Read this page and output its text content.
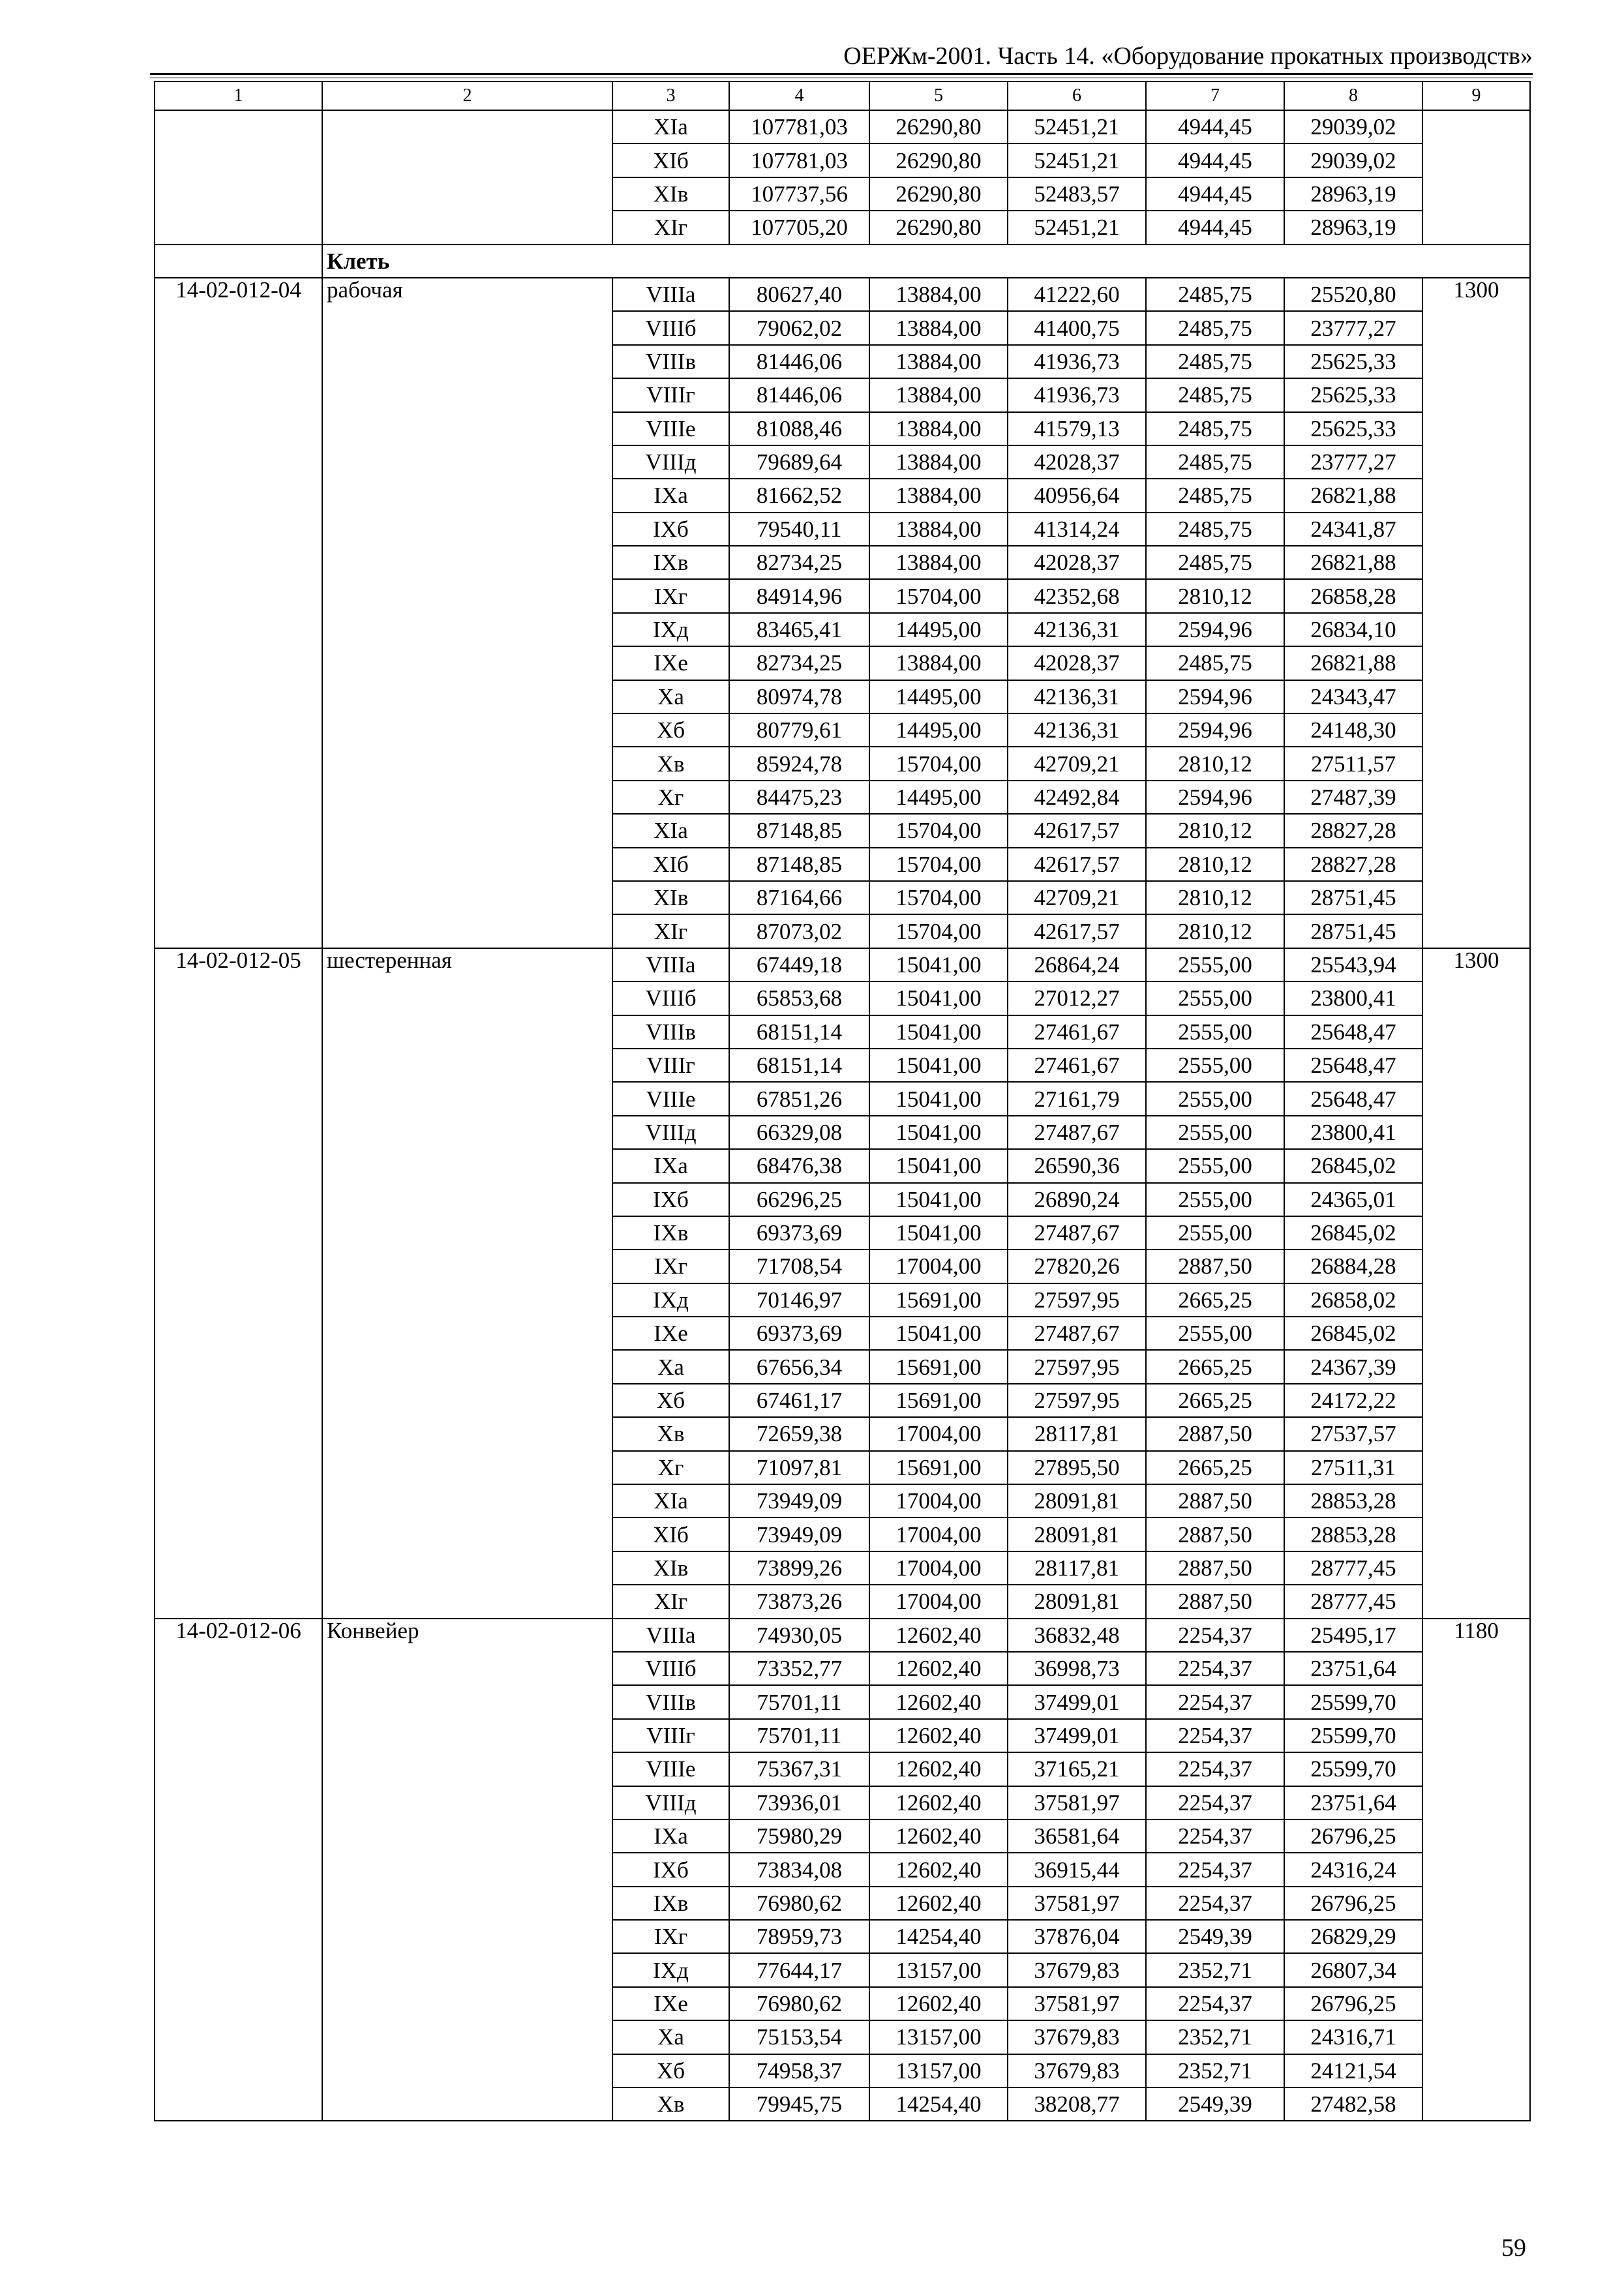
ОЕРЖм-2001. Часть 14. «Оборудование прокатных производств»
1	2	3	4	5	6	7	8	9
		XIа	107781,03	26290,80	52451,21	4944,45	29039,02	
		XIб	107781,03	26290,80	52451,21	4944,45	29039,02	
		XIв	107737,56	26290,80	52483,57	4944,45	28963,19	
		XIг	107705,20	26290,80	52451,21	4944,45	28963,19	
	Клеть							
14-02-012-04	рабочая	VIIIа	80627,40	13884,00	41222,60	2485,75	25520,80	1300
		VIIIб	79062,02	13884,00	41400,75	2485,75	23777,27	
		VIIIв	81446,06	13884,00	41936,73	2485,75	25625,33	
		VIIIг	81446,06	13884,00	41936,73	2485,75	25625,33	
		VIIIе	81088,46	13884,00	41579,13	2485,75	25625,33	
		VIIIд	79689,64	13884,00	42028,37	2485,75	23777,27	
		IXа	81662,52	13884,00	40956,64	2485,75	26821,88	
		IXб	79540,11	13884,00	41314,24	2485,75	24341,87	
		IXв	82734,25	13884,00	42028,37	2485,75	26821,88	
		IXг	84914,96	15704,00	42352,68	2810,12	26858,28	
		IXд	83465,41	14495,00	42136,31	2594,96	26834,10	
		IXе	82734,25	13884,00	42028,37	2485,75	26821,88	
		Xа	80974,78	14495,00	42136,31	2594,96	24343,47	
		Xб	80779,61	14495,00	42136,31	2594,96	24148,30	
		Xв	85924,78	15704,00	42709,21	2810,12	27511,57	
		Xг	84475,23	14495,00	42492,84	2594,96	27487,39	
		XIа	87148,85	15704,00	42617,57	2810,12	28827,28	
		XIб	87148,85	15704,00	42617,57	2810,12	28827,28	
		XIв	87164,66	15704,00	42709,21	2810,12	28751,45	
		XIг	87073,02	15704,00	42617,57	2810,12	28751,45	
14-02-012-05	шестеренная	VIIIа	67449,18	15041,00	26864,24	2555,00	25543,94	1300
		VIIIб	65853,68	15041,00	27012,27	2555,00	23800,41	
		VIIIв	68151,14	15041,00	27461,67	2555,00	25648,47	
		VIIIг	68151,14	15041,00	27461,67	2555,00	25648,47	
		VIIIе	67851,26	15041,00	27161,79	2555,00	25648,47	
		VIIIд	66329,08	15041,00	27487,67	2555,00	23800,41	
		IXа	68476,38	15041,00	26590,36	2555,00	26845,02	
		IXб	66296,25	15041,00	26890,24	2555,00	24365,01	
		IXв	69373,69	15041,00	27487,67	2555,00	26845,02	
		IXг	71708,54	17004,00	27820,26	2887,50	26884,28	
		IXд	70146,97	15691,00	27597,95	2665,25	26858,02	
		IXе	69373,69	15041,00	27487,67	2555,00	26845,02	
		Xа	67656,34	15691,00	27597,95	2665,25	24367,39	
		Xб	67461,17	15691,00	27597,95	2665,25	24172,22	
		Xв	72659,38	17004,00	28117,81	2887,50	27537,57	
		Xг	71097,81	15691,00	27895,50	2665,25	27511,31	
		XIа	73949,09	17004,00	28091,81	2887,50	28853,28	
		XIб	73949,09	17004,00	28091,81	2887,50	28853,28	
		XIв	73899,26	17004,00	28117,81	2887,50	28777,45	
		XIг	73873,26	17004,00	28091,81	2887,50	28777,45	
14-02-012-06	Конвейер	VIIIа	74930,05	12602,40	36832,48	2254,37	25495,17	1180
		VIIIб	73352,77	12602,40	36998,73	2254,37	23751,64	
		VIIIв	75701,11	12602,40	37499,01	2254,37	25599,70	
		VIIIг	75701,11	12602,40	37499,01	2254,37	25599,70	
		VIIIе	75367,31	12602,40	37165,21	2254,37	25599,70	
		VIIIд	73936,01	12602,40	37581,97	2254,37	23751,64	
		IXа	75980,29	12602,40	36581,64	2254,37	26796,25	
		IXб	73834,08	12602,40	36915,44	2254,37	24316,24	
		IXв	76980,62	12602,40	37581,97	2254,37	26796,25	
		IXг	78959,73	14254,40	37876,04	2549,39	26829,29	
		IXд	77644,17	13157,00	37679,83	2352,71	26807,34	
		IXе	76980,62	12602,40	37581,97	2254,37	26796,25	
		Xа	75153,54	13157,00	37679,83	2352,71	24316,71	
		Xб	74958,37	13157,00	37679,83	2352,71	24121,54	
		Xв	79945,75	14254,40	38208,77	2549,39	27482,58	
59
